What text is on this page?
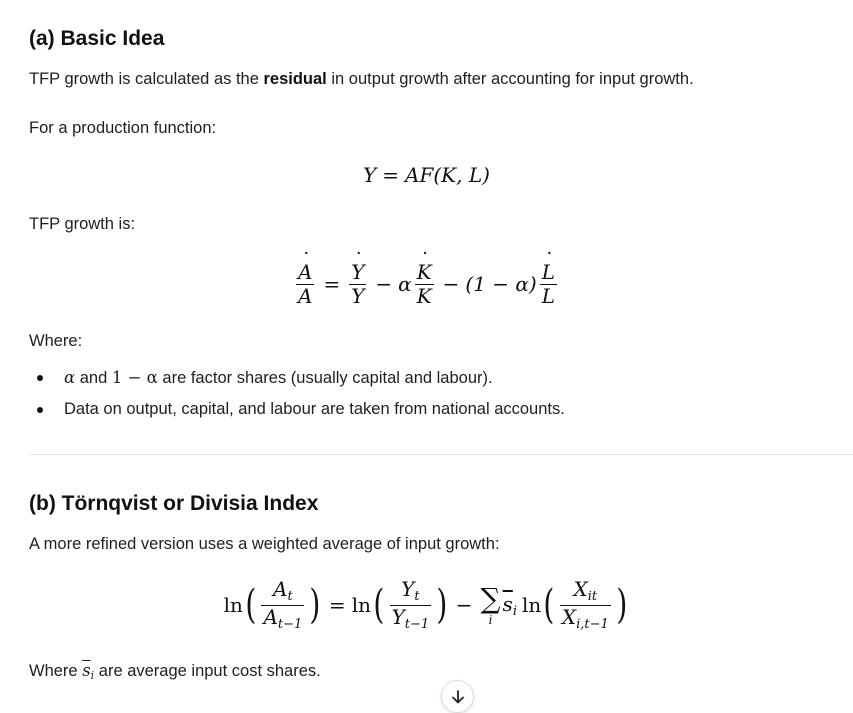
(a) Basic Idea

TFP growth is calculated as the residual in output growth after accounting for input growth.

For a production function:

Y = AF (K, L)

TFP growth is:

˙ $\frac{A}{A}$ = ˙ $\frac{Y}{Y} - \alpha$ ˙ $\frac{K}{K} - (1 - \alpha)$ ˙ $\frac{L}{L}$

Where:

α and 1 − α are factor shares (usually capital and labour).
Data on output, capital, and labour are taken from national accounts.
(b) Törnqvist or Divisia Index

A more refined version uses a weighted average of input growth:

ln ( $\frac{A_t}{A_{t-1}}$ ) = ln ( $\frac{Y_t}{Y_{t-1}}$ ) − ∑
i
$\overline{s}_i$ ln ( $\frac{X_{it}}{X_{i,t-1}}$ )

Where $\overline{s}_i$ are average input cost shares.
